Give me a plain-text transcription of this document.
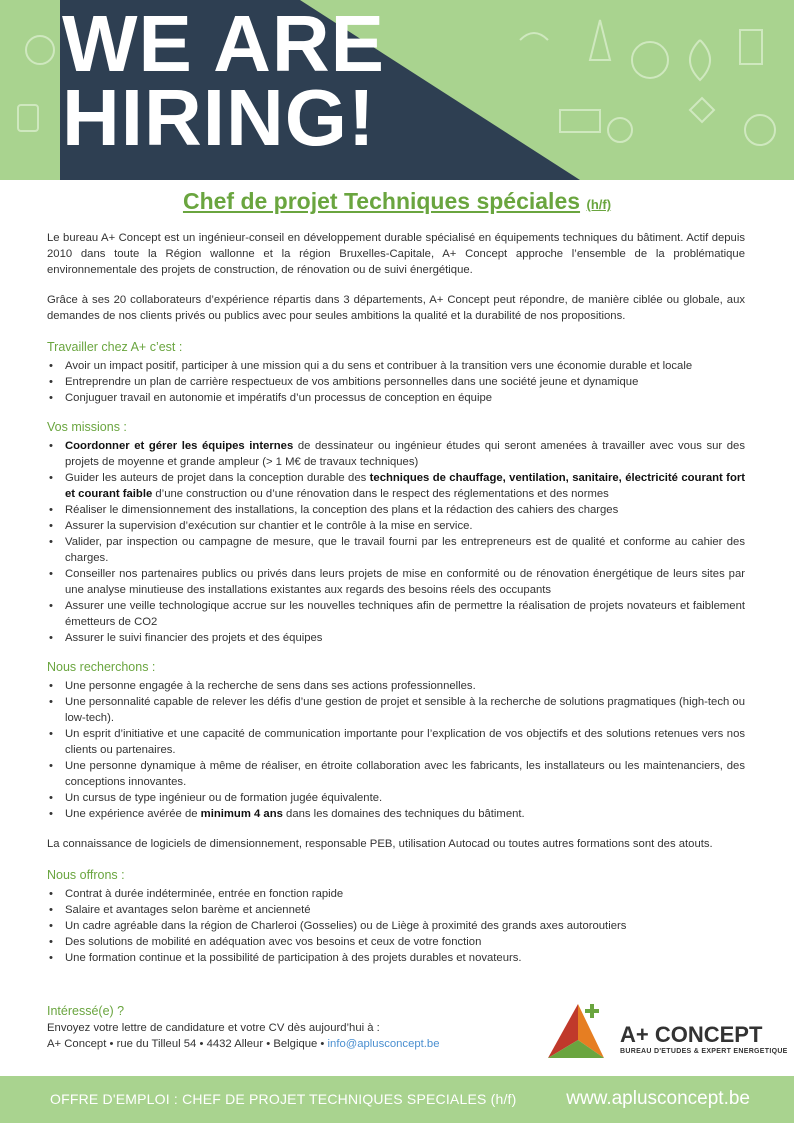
WE ARE
HIRING!
Chef de projet Techniques spéciales (h/f)

Le bureau A+ Concept est un ingénieur-conseil en développement durable spécialisé en équipements techniques du bâtiment. Actif depuis 2010 dans toute la Région wallonne et la région Bruxelles-Capitale, A+ Concept approche l’ensemble de la problématique environnementale des projets de construction, de rénovation ou de suivi énergétique.

Grâce à ses 20 collaborateurs d’expérience répartis dans 3 départements, A+ Concept peut répondre, de manière ciblée ou globale, aux demandes de nos clients privés ou publics avec pour seules ambitions la qualité et la durabilité de nos propositions.

Travailler chez A+ c’est :
• Avoir un impact positif, participer à une mission qui a du sens et contribuer à la transition vers une économie durable et locale
• Entreprendre un plan de carrière respectueux de vos ambitions personnelles dans une société jeune et dynamique
• Conjuguer travail en autonomie et impératifs d’un processus de conception en équipe
Vos missions :
• Coordonner et gérer les équipes internes de dessinateur ou ingénieur études qui seront amenées à travailler avec vous sur des projets de moyenne et grande ampleur (> 1 M€ de travaux techniques)
• Guider les auteurs de projet dans la conception durable des techniques de chauffage, ventilation, sanitaire, électricité courant fort et courant faible d’une construction ou d’une rénovation dans le respect des réglementations et des normes
• Réaliser le dimensionnement des installations, la conception des plans et la rédaction des cahiers des charges
• Assurer la supervision d’exécution sur chantier et le contrôle à la mise en service.
• Valider, par inspection ou campagne de mesure, que le travail fourni par les entrepreneurs est de qualité et conforme au cahier des charges.
• Conseiller nos partenaires publics ou privés dans leurs projets de mise en conformité ou de rénovation énergétique de leurs sites par une analyse minutieuse des installations existantes aux regards des besoins réels des occupants
• Assurer une veille technologique accrue sur les nouvelles techniques afin de permettre la réalisation de projets novateurs et faiblement émetteurs de CO2
• Assurer le suivi financier des projets et des équipes
Nous recherchons :
• Une personne engagée à la recherche de sens dans ses actions professionnelles.
• Une personnalité capable de relever les défis d’une gestion de projet et sensible à la recherche de solutions pragmatiques (high-tech ou low-tech).
• Un esprit d’initiative et une capacité de communication importante pour l’explication de vos objectifs et des solutions retenues vers nos clients ou partenaires.
• Une personne dynamique à même de réaliser, en étroite collaboration avec les fabricants, les installateurs ou les maintenanciers, des conceptions innovantes.
• Un cursus de type ingénieur ou de formation jugée équivalente.
• Une expérience avérée de minimum 4 ans dans les domaines des techniques du bâtiment.

La connaissance de logiciels de dimensionnement, responsable PEB, utilisation Autocad ou toutes autres formations sont des atouts.

Nous offrons :
• Contrat à durée indéterminée, entrée en fonction rapide
• Salaire et avantages selon barème et ancienneté
• Un cadre agréable dans la région de Charleroi (Gosselies) ou de Liège à proximité des grands axes autoroutiers
• Des solutions de mobilité en adéquation avec vos besoins et ceux de votre fonction
• Une formation continue et la possibilité de participation à des projets durables et novateurs.
Intéressé(e) ?
Envoyez votre lettre de candidature et votre CV dès aujourd’hui à :
A+ Concept • rue du Tilleul 54 • 4432 Alleur • Belgique • info@aplusconcept.be	A+ CONCEPT
BUREAU D'ETUDES & EXPERT ENERGETIQUE
OFFRE D'EMPLOI : CHEF DE PROJET TECHNIQUES SPECIALES (h/f)	www.aplusconcept.be
